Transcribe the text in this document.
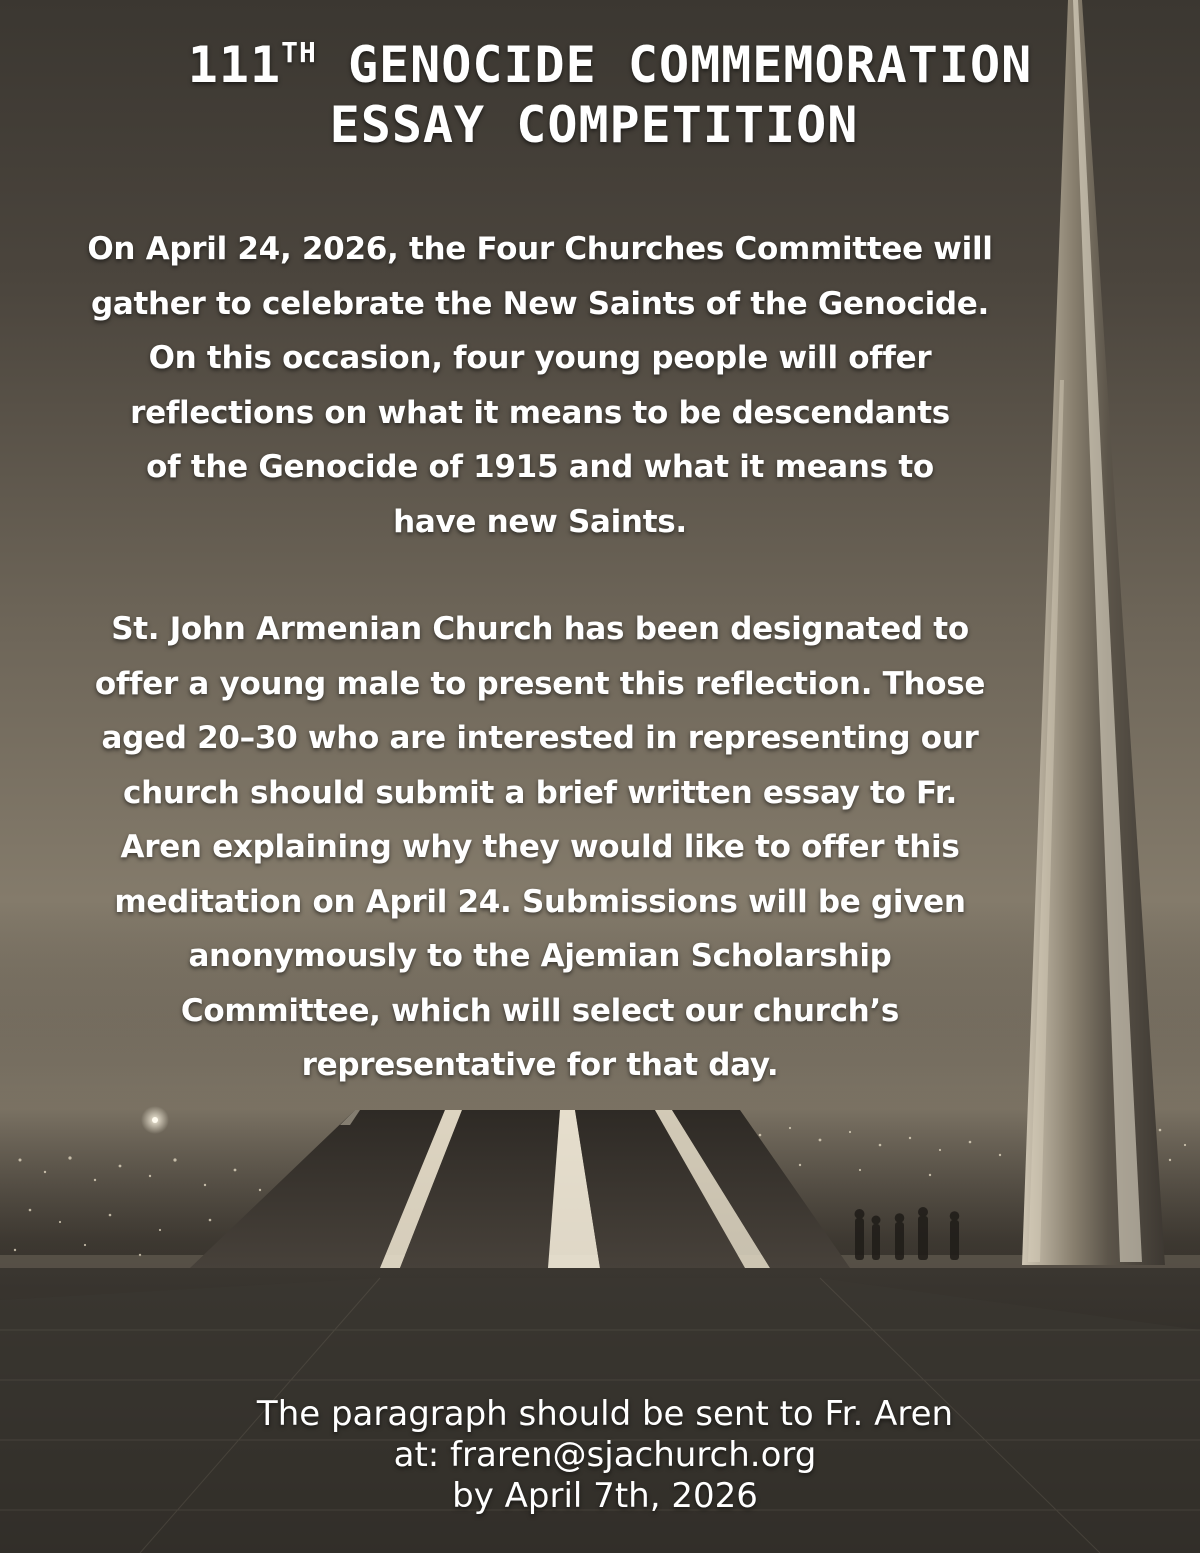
111TH GENOCIDE COMMEMORATION
ESSAY COMPETITION
On April 24, 2026, the Four Churches Committee will
gather to celebrate the New Saints of the Genocide.
On this occasion, four young people will offer
reflections on what it means to be descendants
of the Genocide of 1915 and what it means to
have new Saints.
St. John Armenian Church has been designated to
offer a young male to present this reflection. Those
aged 20–30 who are interested in representing our
church should submit a brief written essay to Fr.
Aren explaining why they would like to offer this
meditation on April 24. Submissions will be given
anonymously to the Ajemian Scholarship
Committee, which will select our church’s
representative for that day.
The paragraph should be sent to Fr. Aren
at: fraren@sjachurch.org
by April 7th, 2026
